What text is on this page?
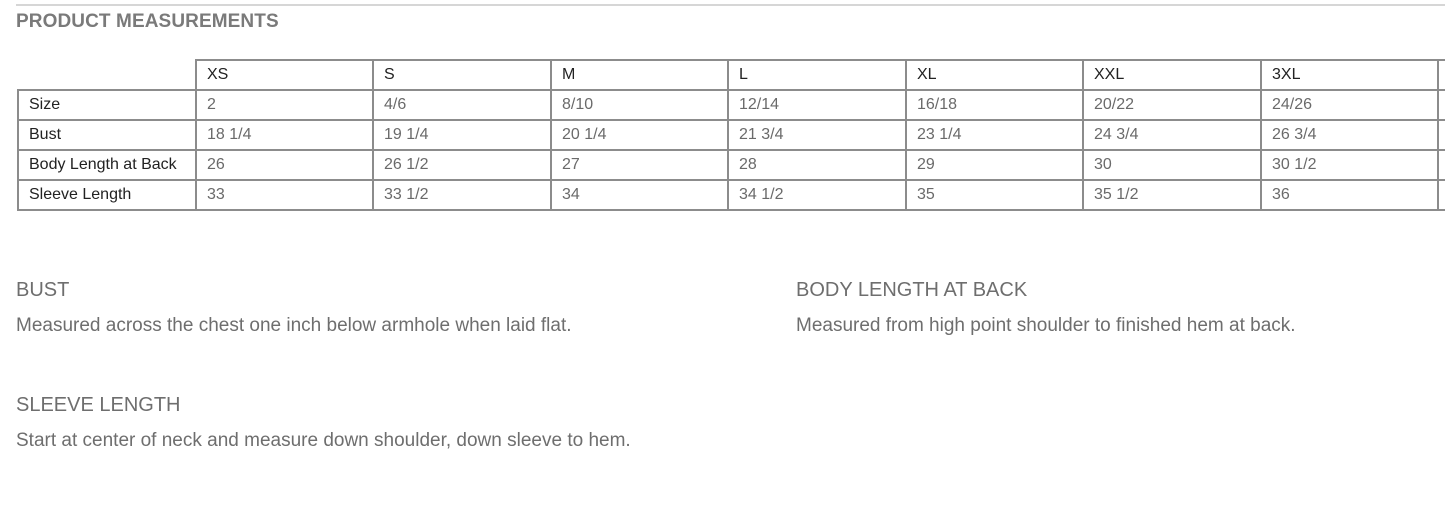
PRODUCT MEASUREMENTS
	XS	S	M	L	XL	XXL	3XL	
Size	2	4/6	8/10	12/14	16/18	20/22	24/26	
Bust	18 1/4	19 1/4	20 1/4	21 3/4	23 1/4	24 3/4	26 3/4	
Body Length at Back	26	26 1/2	27	28	29	30	30 1/2	
Sleeve Length	33	33 1/2	34	34 1/2	35	35 1/2	36	
BUST
Measured across the chest one inch below armhole when laid flat.
BODY LENGTH AT BACK
Measured from high point shoulder to finished hem at back.
SLEEVE LENGTH
Start at center of neck and measure down shoulder, down sleeve to hem.
